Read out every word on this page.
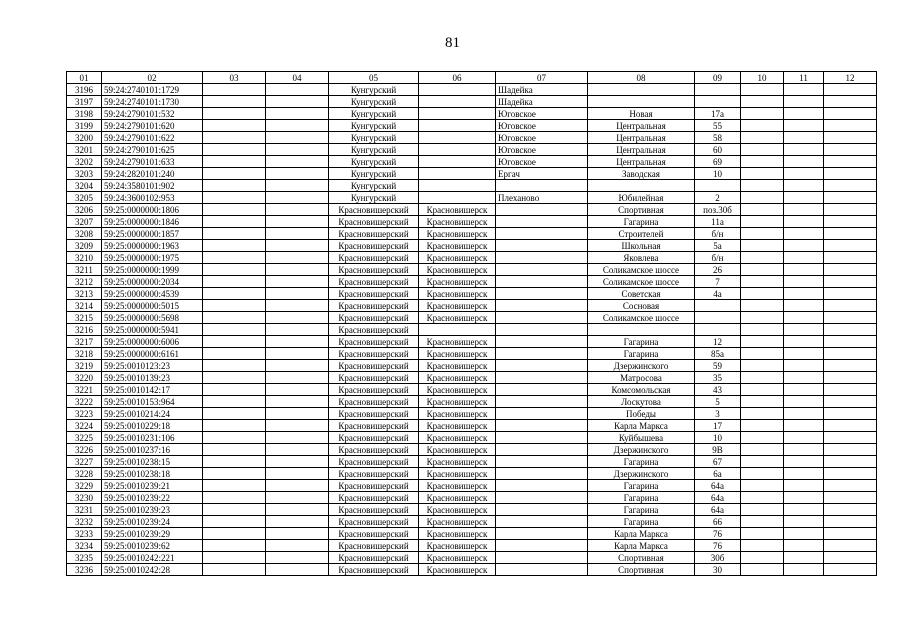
81
01	02	03	04	05	06	07	08	09	10	11	12
3196	59:24:2740101:1729			Кунгурский		Шадейка					
3197	59:24:2740101:1730			Кунгурский		Шадейка					
3198	59:24:2790101:532			Кунгурский		Юговское	Новая	17а			
3199	59:24:2790101:620			Кунгурский		Юговское	Центральная	55			
3200	59:24:2790101:622			Кунгурский		Юговское	Центральная	58			
3201	59:24:2790101:625			Кунгурский		Юговское	Центральная	60			
3202	59:24:2790101:633			Кунгурский		Юговское	Центральная	69			
3203	59:24:2820101:240			Кунгурский		Ергач	Заводская	10			
3204	59:24:3580101:902			Кунгурский							
3205	59:24:3600102:953			Кунгурский		Плеханово	Юбилейная	2			
3206	59:25:0000000:1806			Красновишерский	Красновишерск		Спортивная	поз.30б			
3207	59:25:0000000:1846			Красновишерский	Красновишерск		Гагарина	11а			
3208	59:25:0000000:1857			Красновишерский	Красновишерск		Строителей	б/н			
3209	59:25:0000000:1963			Красновишерский	Красновишерск		Школьная	5а			
3210	59:25:0000000:1975			Красновишерский	Красновишерск		Яковлева	б/н			
3211	59:25:0000000:1999			Красновишерский	Красновишерск		Соликамское шоссе	26			
3212	59:25:0000000:2034			Красновишерский	Красновишерск		Соликамское шоссе	7			
3213	59:25:0000000:4539			Красновишерский	Красновишерск		Советская	4а			
3214	59:25:0000000:5015			Красновишерский	Красновишерск		Сосновая				
3215	59:25:0000000:5698			Красновишерский	Красновишерск		Соликамское шоссе				
3216	59:25:0000000:5941			Красновишерский							
3217	59:25:0000000:6006			Красновишерский	Красновишерск		Гагарина	12			
3218	59:25:0000000:6161			Красновишерский	Красновишерск		Гагарина	85а			
3219	59:25:0010123:23			Красновишерский	Красновишерск		Дзержинского	59			
3220	59:25:0010139:23			Красновишерский	Красновишерск		Матросова	35			
3221	59:25:0010142:17			Красновишерский	Красновишерск		Комсомольская	43			
3222	59:25:0010153:964			Красновишерский	Красновишерск		Лоскутова	5			
3223	59:25:0010214:24			Красновишерский	Красновишерск		Победы	3			
3224	59:25:0010229:18			Красновишерский	Красновишерск		Карла Маркса	17			
3225	59:25:0010231:106			Красновишерский	Красновишерск		Куйбышева	10			
3226	59:25:0010237:16			Красновишерский	Красновишерск		Дзержинского	9В			
3227	59:25:0010238:15			Красновишерский	Красновишерск		Гагарина	67			
3228	59:25:0010238:18			Красновишерский	Красновишерск		Дзержинского	6а			
3229	59:25:0010239:21			Красновишерский	Красновишерск		Гагарина	64а			
3230	59:25:0010239:22			Красновишерский	Красновишерск		Гагарина	64а			
3231	59:25:0010239:23			Красновишерский	Красновишерск		Гагарина	64а			
3232	59:25:0010239:24			Красновишерский	Красновишерск		Гагарина	66			
3233	59:25:0010239:29			Красновишерский	Красновишерск		Карла Маркса	76			
3234	59:25:0010239:62			Красновишерский	Красновишерск		Карла Маркса	76			
3235	59:25:0010242:221			Красновишерский	Красновишерск		Спортивная	30б			
3236	59:25:0010242:28			Красновишерский	Красновишерск		Спортивная	30			
